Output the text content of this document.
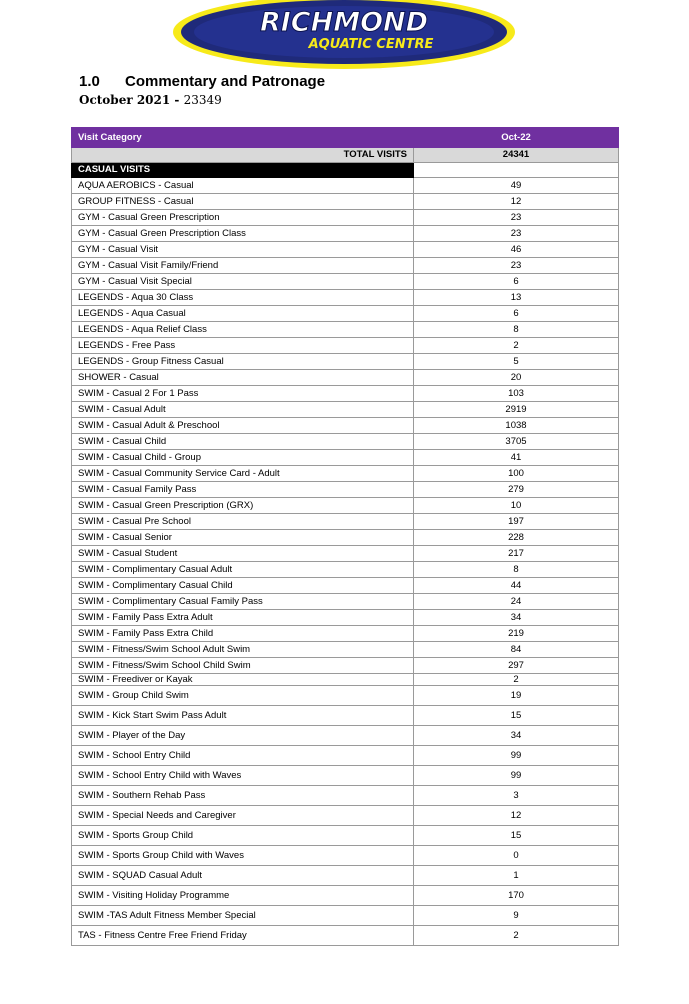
RICHMOND
AQUATIC CENTRE
1.0 Commentary and Patronage
October 2021 - 23349
Visit Category	Oct-22
TOTAL VISITS	24341
CASUAL VISITS	
AQUA AEROBICS - Casual	49
GROUP FITNESS - Casual	12
GYM - Casual Green Prescription	23
GYM - Casual Green Prescription Class	23
GYM - Casual Visit	46
GYM - Casual Visit Family/Friend	23
GYM - Casual Visit Special	6
LEGENDS - Aqua 30 Class	13
LEGENDS - Aqua Casual	6
LEGENDS - Aqua Relief Class	8
LEGENDS - Free Pass	2
LEGENDS - Group Fitness Casual	5
SHOWER - Casual	20
SWIM - Casual 2 For 1 Pass	103
SWIM - Casual Adult	2919
SWIM - Casual Adult & Preschool	1038
SWIM - Casual Child	3705
SWIM - Casual Child - Group	41
SWIM - Casual Community Service Card - Adult	100
SWIM - Casual Family Pass	279
SWIM - Casual Green Prescription (GRX)	10
SWIM - Casual Pre School	197
SWIM - Casual Senior	228
SWIM - Casual Student	217
SWIM - Complimentary Casual Adult	8
SWIM - Complimentary Casual Child	44
SWIM - Complimentary Casual Family Pass	24
SWIM - Family Pass Extra Adult	34
SWIM - Family Pass Extra Child	219
SWIM - Fitness/Swim School Adult Swim	84
SWIM - Fitness/Swim School Child Swim	297
SWIM - Freediver or Kayak	2
SWIM - Group Child Swim	19
SWIM - Kick Start Swim Pass Adult	15
SWIM - Player of the Day	34
SWIM - School Entry Child	99
SWIM - School Entry Child with Waves	99
SWIM - Southern Rehab Pass	3
SWIM - Special Needs and Caregiver	12
SWIM - Sports Group Child	15
SWIM - Sports Group Child with Waves	0
SWIM - SQUAD Casual Adult	1
SWIM - Visiting Holiday Programme	170
SWIM -TAS Adult Fitness Member Special	9
TAS - Fitness Centre Free Friend Friday	2
